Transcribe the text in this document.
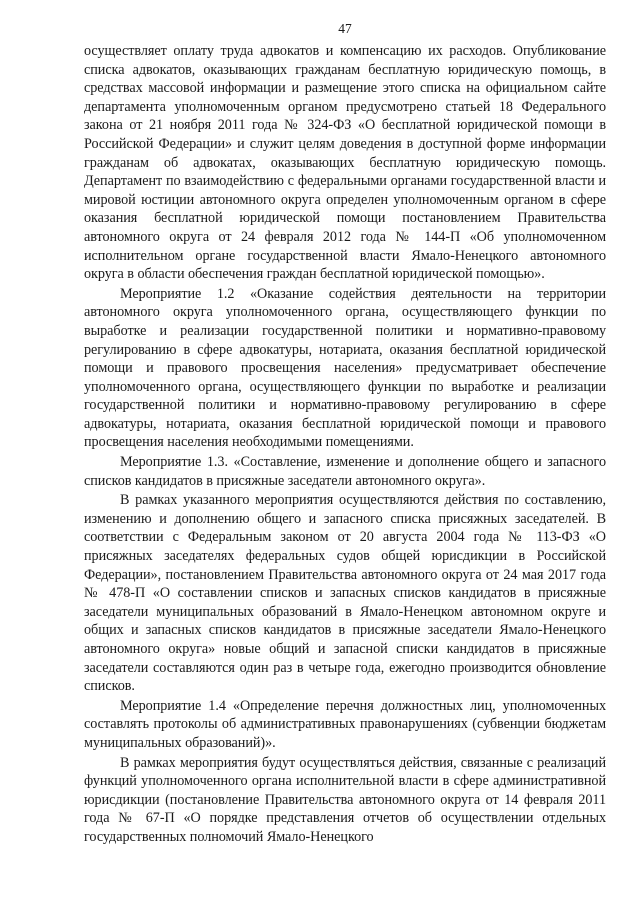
47

осуществляет оплату труда адвокатов и компенсацию их расходов. Опубликование списка адвокатов, оказывающих гражданам бесплатную юридическую помощь, в средствах массовой информации и размещение этого списка на официальном сайте департамента уполномоченным органом предусмотрено статьей 18 Федерального закона от 21 ноября 2011 года № 324-ФЗ «О бесплатной юридической помощи в Российской Федерации» и служит целям доведения в доступной форме информации гражданам об адвокатах, оказывающих бесплатную юридическую помощь. Департамент по взаимодействию с федеральными органами государственной власти и мировой юстиции автономного округа определен уполномоченным органом в сфере оказания бесплатной юридической помощи постановлением Правительства автономного округа от 24 февраля 2012 года № 144-П «Об уполномоченном исполнительном органе государственной власти Ямало-Ненецкого автономного округа в области обеспечения граждан бесплатной юридической помощью».

Мероприятие 1.2 «Оказание содействия деятельности на территории автономного округа уполномоченного органа, осуществляющего функции по выработке и реализации государственной политики и нормативно-правовому регулированию в сфере адвокатуры, нотариата, оказания бесплатной юридической помощи и правового просвещения населения» предусматривает обеспечение уполномоченного органа, осуществляющего функции по выработке и реализации государственной политики и нормативно-правовому регулированию в сфере адвокатуры, нотариата, оказания бесплатной юридической помощи и правового просвещения населения необходимыми помещениями.

Мероприятие 1.3. «Составление, изменение и дополнение общего и запасного списков кандидатов в присяжные заседатели автономного округа».

В рамках указанного мероприятия осуществляются действия по составлению, изменению и дополнению общего и запасного списка присяжных заседателей. В соответствии с Федеральным законом от 20 августа 2004 года № 113-ФЗ «О присяжных заседателях федеральных судов общей юрисдикции в Российской Федерации», постановлением Правительства автономного округа от 24 мая 2017 года № 478-П «О составлении списков и запасных списков кандидатов в присяжные заседатели муниципальных образований в Ямало-Ненецком автономном округе и общих и запасных списков кандидатов в присяжные заседатели Ямало-Ненецкого автономного округа» новые общий и запасной списки кандидатов в присяжные заседатели составляются один раз в четыре года, ежегодно производится обновление списков.

Мероприятие 1.4 «Определение перечня должностных лиц, уполномоченных составлять протоколы об административных правонарушениях (субвенции бюджетам муниципальных образований)».

В рамках мероприятия будут осуществляться действия, связанные с реализаций функций уполномоченного органа исполнительной власти в сфере административной юрисдикции (постановление Правительства автономного округа от 14 февраля 2011 года № 67-П «О порядке представления отчетов об осуществлении отдельных государственных полномочий Ямало-Ненецкого
